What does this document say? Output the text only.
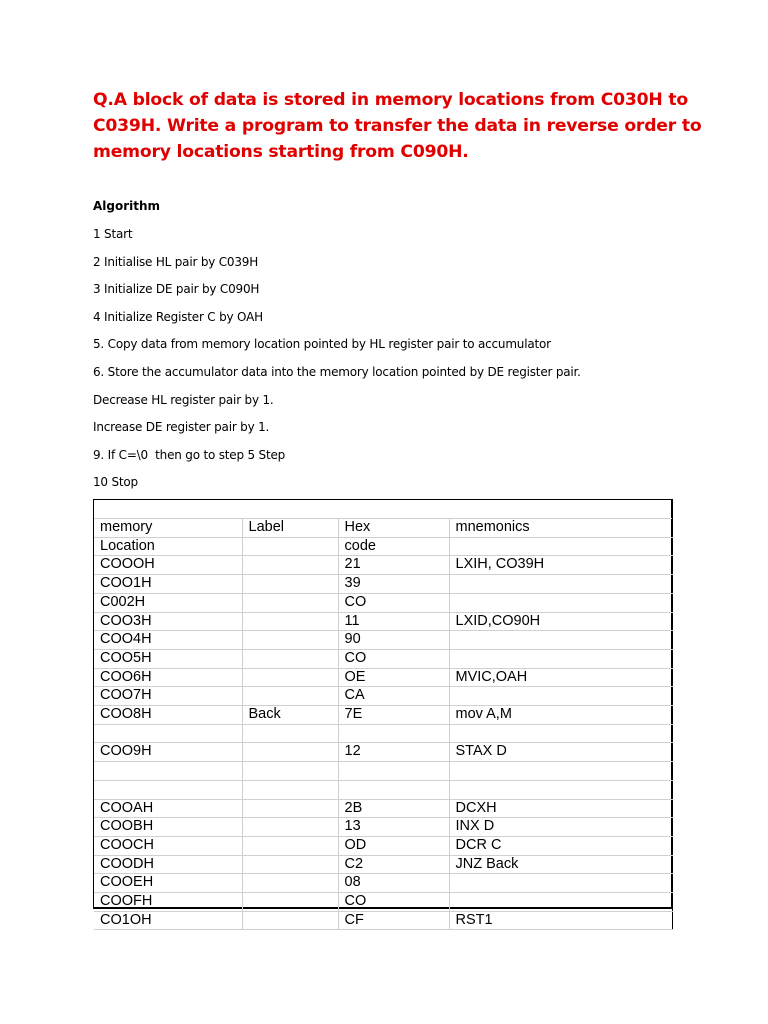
Q.A block of data is stored in memory locations from C030H to
C039H. Write a program to transfer the data in reverse order to
memory locations starting from C090H.
Algorithm
1 Start
2 Initialise HL pair by C039H
3 Initialize DE pair by C090H
4 Initialize Register C by OAH
5. Copy data from memory location pointed by HL register pair to accumulator
6. Store the accumulator data into the memory location pointed by DE register pair.
Decrease HL register pair by 1.
Increase DE register pair by 1.
9. If C=\0  then go to step 5 Step
10 Stop
memory	Label	Hex	mnemonics
Location		code	
COOOH		21	LXIH, CO39H
COO1H		39	
C002H		CO	
COO3H		11	LXID,CO90H
COO4H		90	
COO5H		CO	
COO6H		OE	MVIC,OAH
COO7H		CA	
COO8H	Back	7E	mov A,M

COO9H		12	STAX D

COOAH		2B	DCXH
COOBH		13	INX D
COOCH		OD	DCR C
COODH		C2	JNZ Back
COOEH		08	
COOFH		CO	
CO1OH		CF	RST1
